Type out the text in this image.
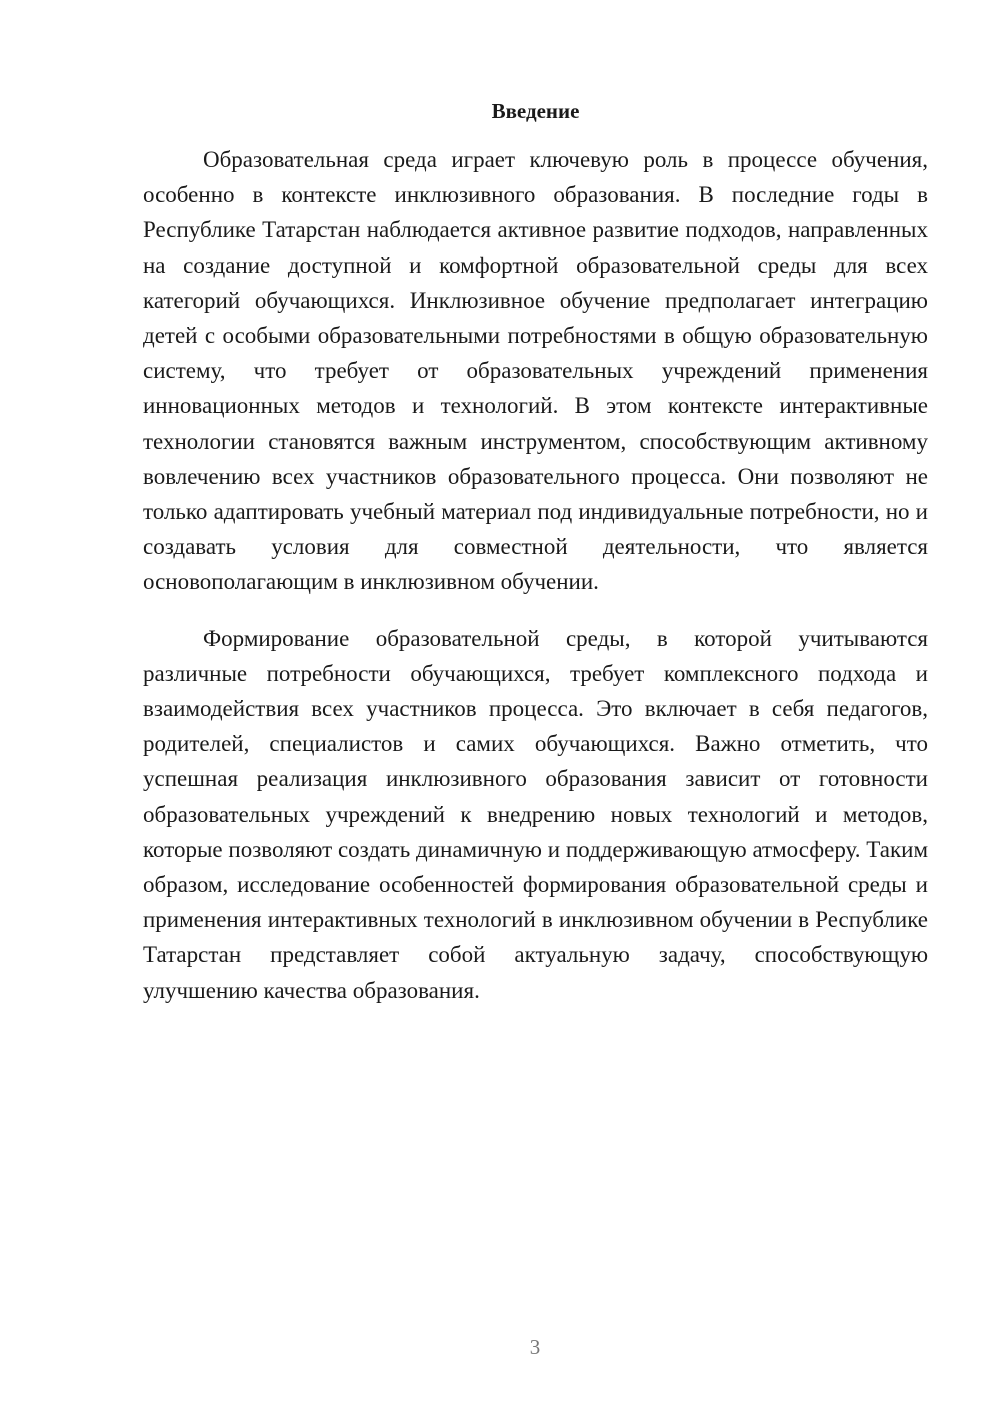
Введение

Образовательная среда играет ключевую роль в процессе обучения, особенно в контексте инклюзивного образования. В последние годы в Республике Татарстан наблюдается активное развитие подходов, направленных на создание доступной и комфортной образовательной среды для всех категорий обучающихся. Инклюзивное обучение предполагает интеграцию детей с особыми образовательными потребностями в общую образовательную систему, что требует от образовательных учреждений применения инновационных методов и технологий. В этом контексте интерактивные технологии становятся важным инструментом, способствующим активному вовлечению всех участников образовательного процесса. Они позволяют не только адаптировать учебный материал под индивидуальные потребности, но и создавать условия для совместной деятельности, что является основополагающим в инклюзивном обучении.

Формирование образовательной среды, в которой учитываются различные потребности обучающихся, требует комплексного подхода и взаимодействия всех участников процесса. Это включает в себя педагогов, родителей, специалистов и самих обучающихся. Важно отметить, что успешная реализация инклюзивного образования зависит от готовности образовательных учреждений к внедрению новых технологий и методов, которые позволяют создать динамичную и поддерживающую атмосферу. Таким образом, исследование особенностей формирования образовательной среды и применения интерактивных технологий в инклюзивном обучении в Республике Татарстан представляет собой актуальную задачу, способствующую улучшению качества образования.

3
